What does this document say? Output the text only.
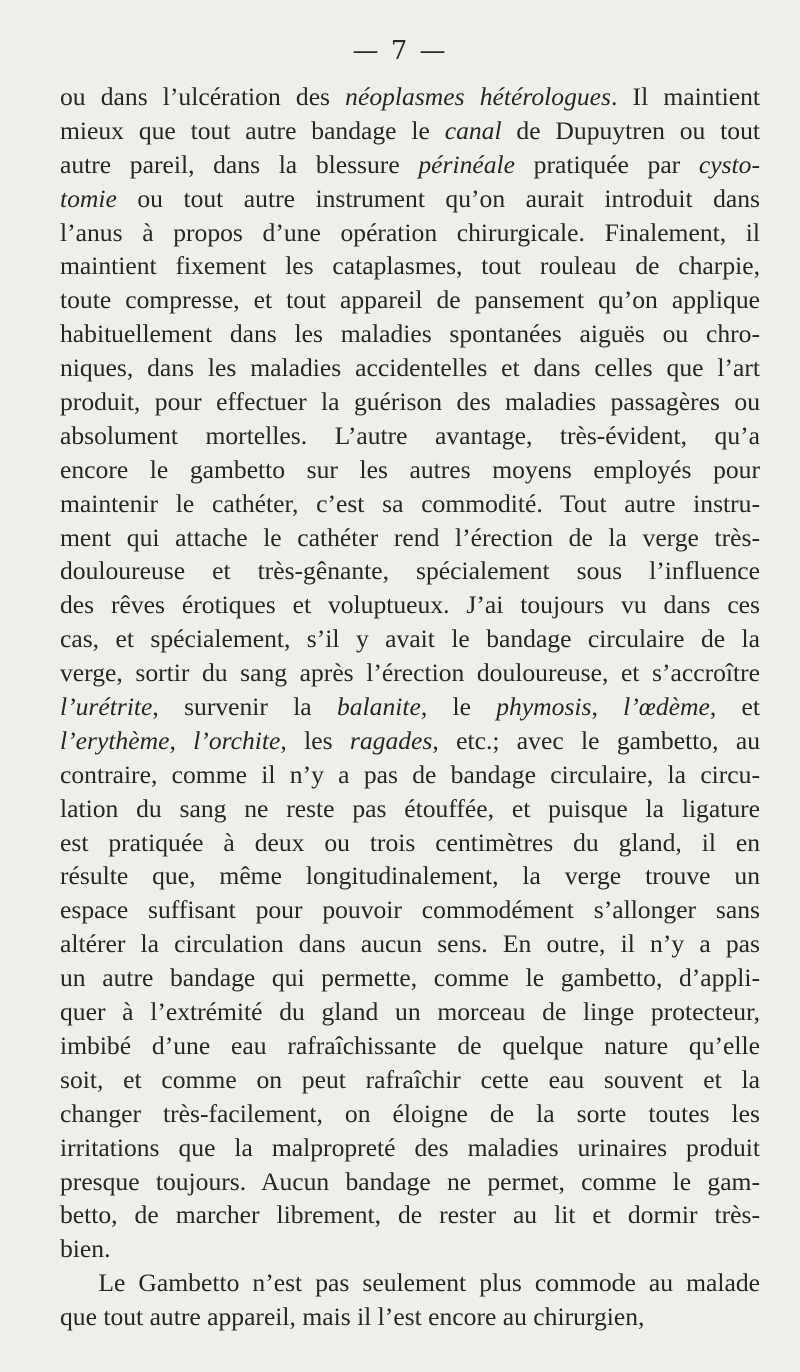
— 7 —
ou dans l’ulcération des néoplasmes hétérologues. Il maintient
mieux que tout autre bandage le canal de Dupuytren ou tout
autre pareil, dans la blessure périnéale pratiquée par cysto-
tomie ou tout autre instrument qu’on aurait introduit dans
l’anus à propos d’une opération chirurgicale. Finalement, il
maintient fixement les cataplasmes, tout rouleau de charpie,
toute compresse, et tout appareil de pansement qu’on applique
habituellement dans les maladies spontanées aiguës ou chro-
niques, dans les maladies accidentelles et dans celles que l’art
produit, pour effectuer la guérison des maladies passagères ou
absolument mortelles. L’autre avantage, très-évident, qu’a
encore le gambetto sur les autres moyens employés pour
maintenir le cathéter, c’est sa commodité. Tout autre instru-
ment qui attache le cathéter rend l’érection de la verge très-
douloureuse et très-gênante, spécialement sous l’influence
des rêves érotiques et voluptueux. J’ai toujours vu dans ces
cas, et spécialement, s’il y avait le bandage circulaire de la
verge, sortir du sang après l’érection douloureuse, et s’accroître
l’urétrite, survenir la balanite, le phymosis, l’œdème, et
l’erythème, l’orchite, les ragades, etc.; avec le gambetto, au
contraire, comme il n’y a pas de bandage circulaire, la circu-
lation du sang ne reste pas étouffée, et puisque la ligature
est pratiquée à deux ou trois centimètres du gland, il en
résulte que, même longitudinalement, la verge trouve un
espace suffisant pour pouvoir commodément s’allonger sans
altérer la circulation dans aucun sens. En outre, il n’y a pas
un autre bandage qui permette, comme le gambetto, d’appli-
quer à l’extrémité du gland un morceau de linge protecteur,
imbibé d’une eau rafraîchissante de quelque nature qu’elle
soit, et comme on peut rafraîchir cette eau souvent et la
changer très-facilement, on éloigne de la sorte toutes les
irritations que la malpropreté des maladies urinaires produit
presque toujours. Aucun bandage ne permet, comme le gam-
betto, de marcher librement, de rester au lit et dormir très-
bien.
  Le Gambetto n’est pas seulement plus commode au malade
que tout autre appareil, mais il l’est encore au chirurgien,
